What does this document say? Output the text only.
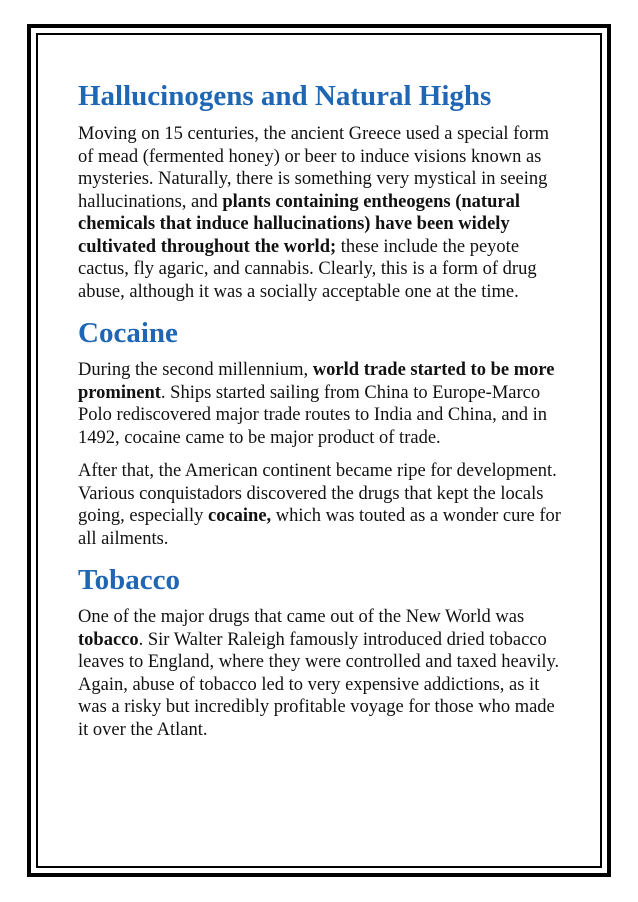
Hallucinogens and Natural Highs

Moving on 15 centuries, the ancient Greece used a special form of mead (fermented honey) or beer to induce visions known as mysteries. Naturally, there is something very mystical in seeing hallucinations, and plants containing entheogens (natural chemicals that induce hallucinations) have been widely cultivated throughout the world; these include the peyote cactus, fly agaric, and cannabis. Clearly, this is a form of drug abuse, although it was a socially acceptable one at the time.

Cocaine

During the second millennium, world trade started to be more prominent. Ships started sailing from China to Europe-Marco Polo rediscovered major trade routes to India and China, and in 1492, cocaine came to be major product of trade.

After that, the American continent became ripe for development. Various conquistadors discovered the drugs that kept the locals going, especially cocaine, which was touted as a wonder cure for all ailments.

Tobacco

One of the major drugs that came out of the New World was tobacco. Sir Walter Raleigh famously introduced dried tobacco leaves to England, where they were controlled and taxed heavily. Again, abuse of tobacco led to very expensive addictions, as it was a risky but incredibly profitable voyage for those who made it over the Atlant.
